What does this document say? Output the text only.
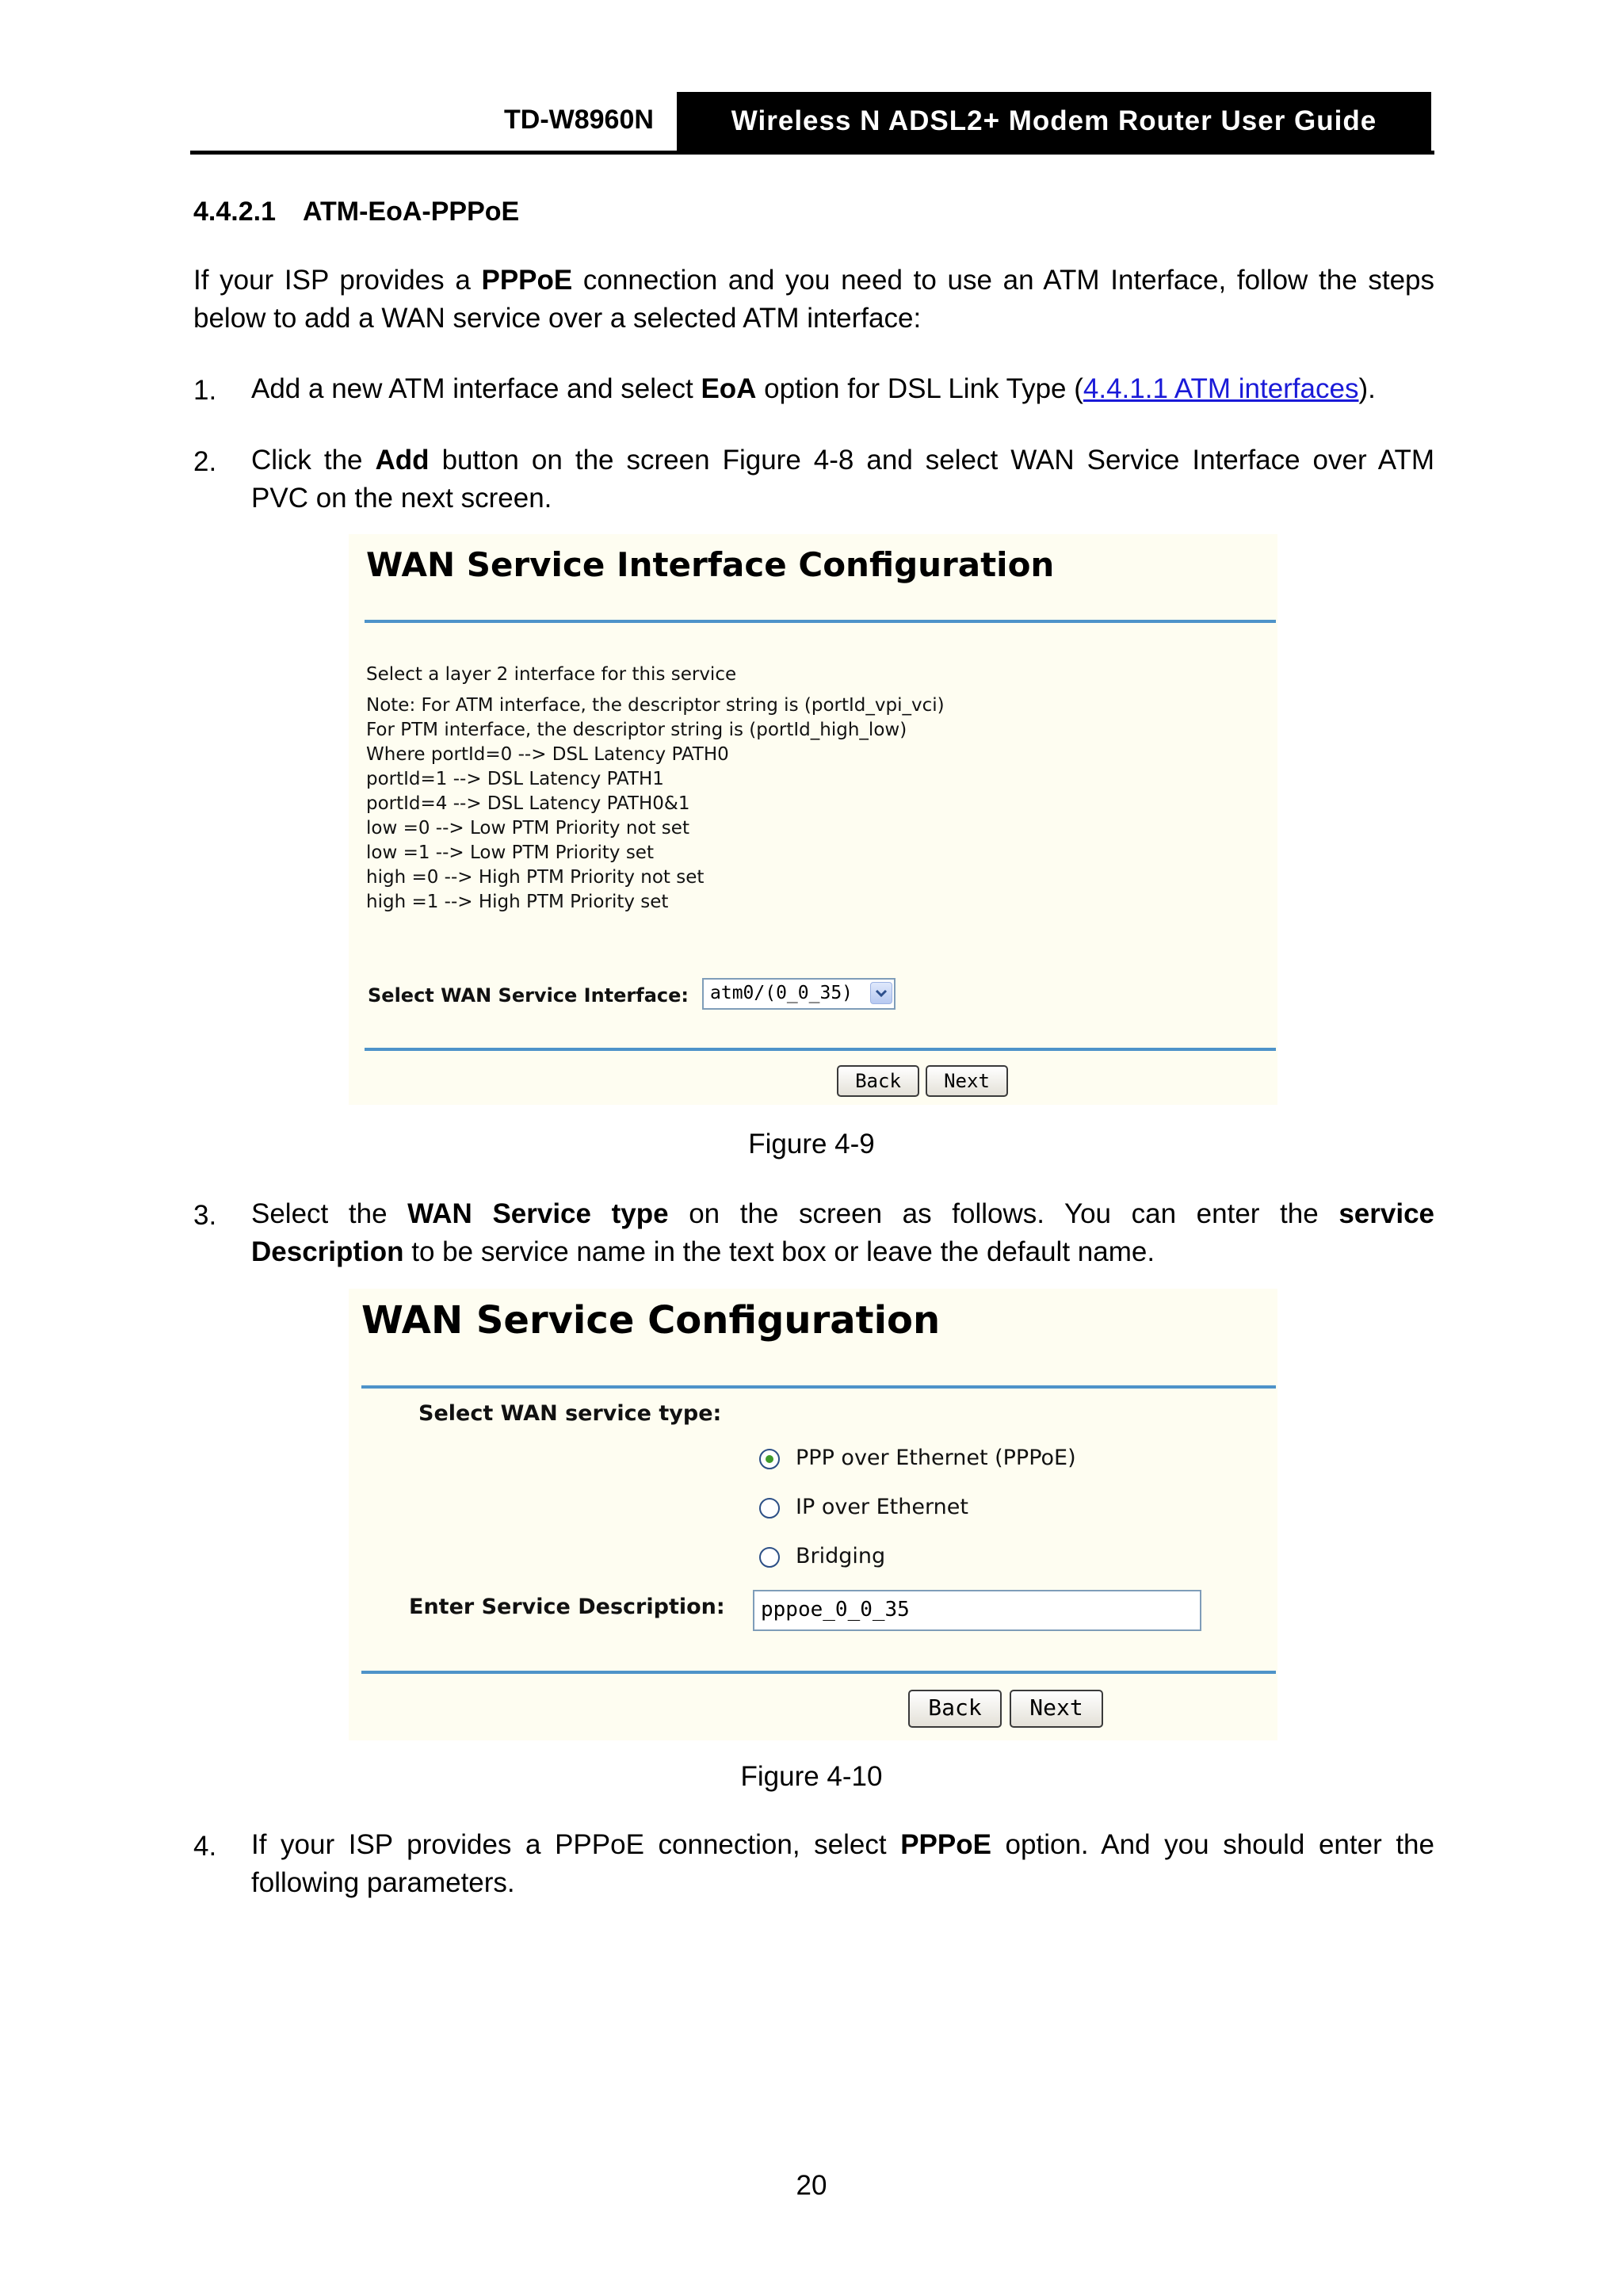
TD-W8960N	Wireless N ADSL2+ Modem Router User Guide
4.4.2.1 ATM-EoA-PPPoE
If your ISP provides a PPPoE connection and you need to use an ATM Interface, follow the steps below to add a WAN service over a selected ATM interface:
1. Add a new ATM interface and select EoA option for DSL Link Type (4.4.1.1 ATM interfaces).
2. Click the Add button on the screen Figure 4-8 and select WAN Service Interface over ATM
PVC on the next screen.
WAN Service Interface Configuration
Select a layer 2 interface for this service
Note: For ATM interface, the descriptor string is (portId_vpi_vci)
For PTM interface, the descriptor string is (portId_high_low)
Where portId=0 --> DSL Latency PATH0
portId=1 --> DSL Latency PATH1
portId=4 --> DSL Latency PATH0&1
low =0 --> Low PTM Priority not set
low =1 --> Low PTM Priority set
high =0 --> High PTM Priority not set
high =1 --> High PTM Priority set
Select WAN Service Interface: atm0/(0_0_35)
Back	Next
Figure 4-9
3. Select the WAN Service type on the screen as follows. You can enter the service
Description to be service name in the text box or leave the default name.
WAN Service Configuration
Select WAN service type:
PPP over Ethernet (PPPoE)
IP over Ethernet
Bridging
Enter Service Description:	pppoe_0_0_35
Back	Next
Figure 4-10
4. If your ISP provides a PPPoE connection, select PPPoE option. And you should enter the
following parameters.
20
